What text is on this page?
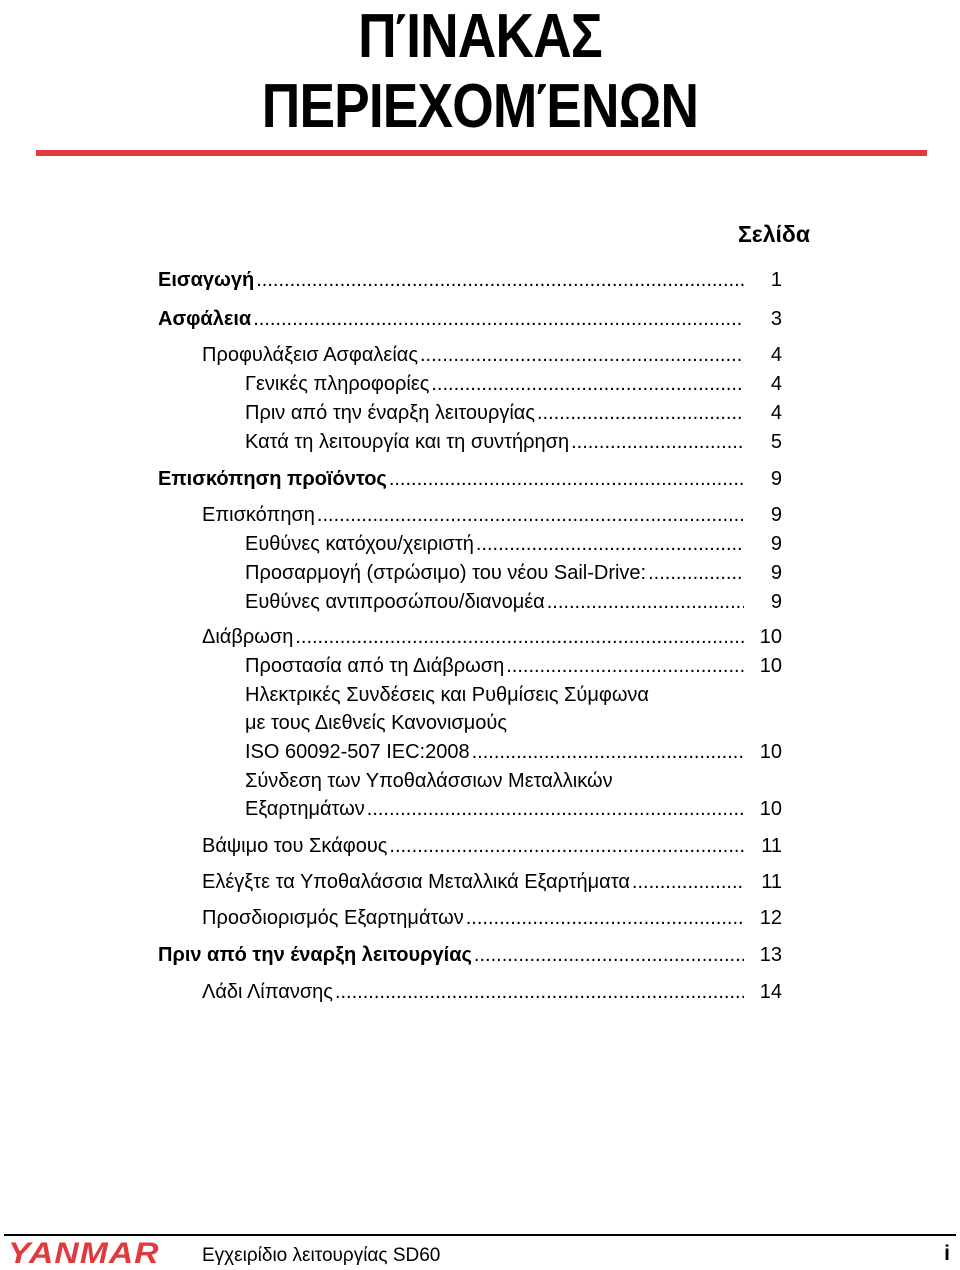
ΠΊΝΑΚΑΣ
ΠΕΡΙΕΧΟΜΈΝΩΝ
Σελίδα
Εισαγωγή .....	1
Ασφάλεια .....	3
Προφυλάξεισ Ασφαλείας .....	4
Γενικές πληροφορίες .....	4
Πριν από την έναρξη λειτουργίας .....	4
Κατά τη λειτουργία και τη συντήρηση .....	5
Επισκόπηση προϊόντος .....	9
Επισκόπηση .....	9
Ευθύνες κατόχου/χειριστή .....	9
Προσαρμογή (στρώσιμο) του νέου Sail-Drive: .....	9
Ευθύνες αντιπροσώπου/διανομέα .....	9
Διάβρωση .....	10
Προστασία από τη Διάβρωση .....	10
Ηλεκτρικές Συνδέσεις και Ρυθμίσεις Σύμφωνα
με τους Διεθνείς Κανονισμούς
ISO 60092-507 IEC:2008 .....	10
Σύνδεση των Υποθαλάσσιων Μεταλλικών
Εξαρτημάτων .....	10
Βάψιμο του Σκάφους .....	11
Ελέγξτε τα Υποθαλάσσια Μεταλλικά Εξαρτήματα .....	11
Προσδιορισμός Εξαρτημάτων .....	12
Πριν από την έναρξη λειτουργίας .....	13
Λάδι Λίπανσης .....	14
YANMAR Εγχειρίδιο λειτουργίας SD60	i
